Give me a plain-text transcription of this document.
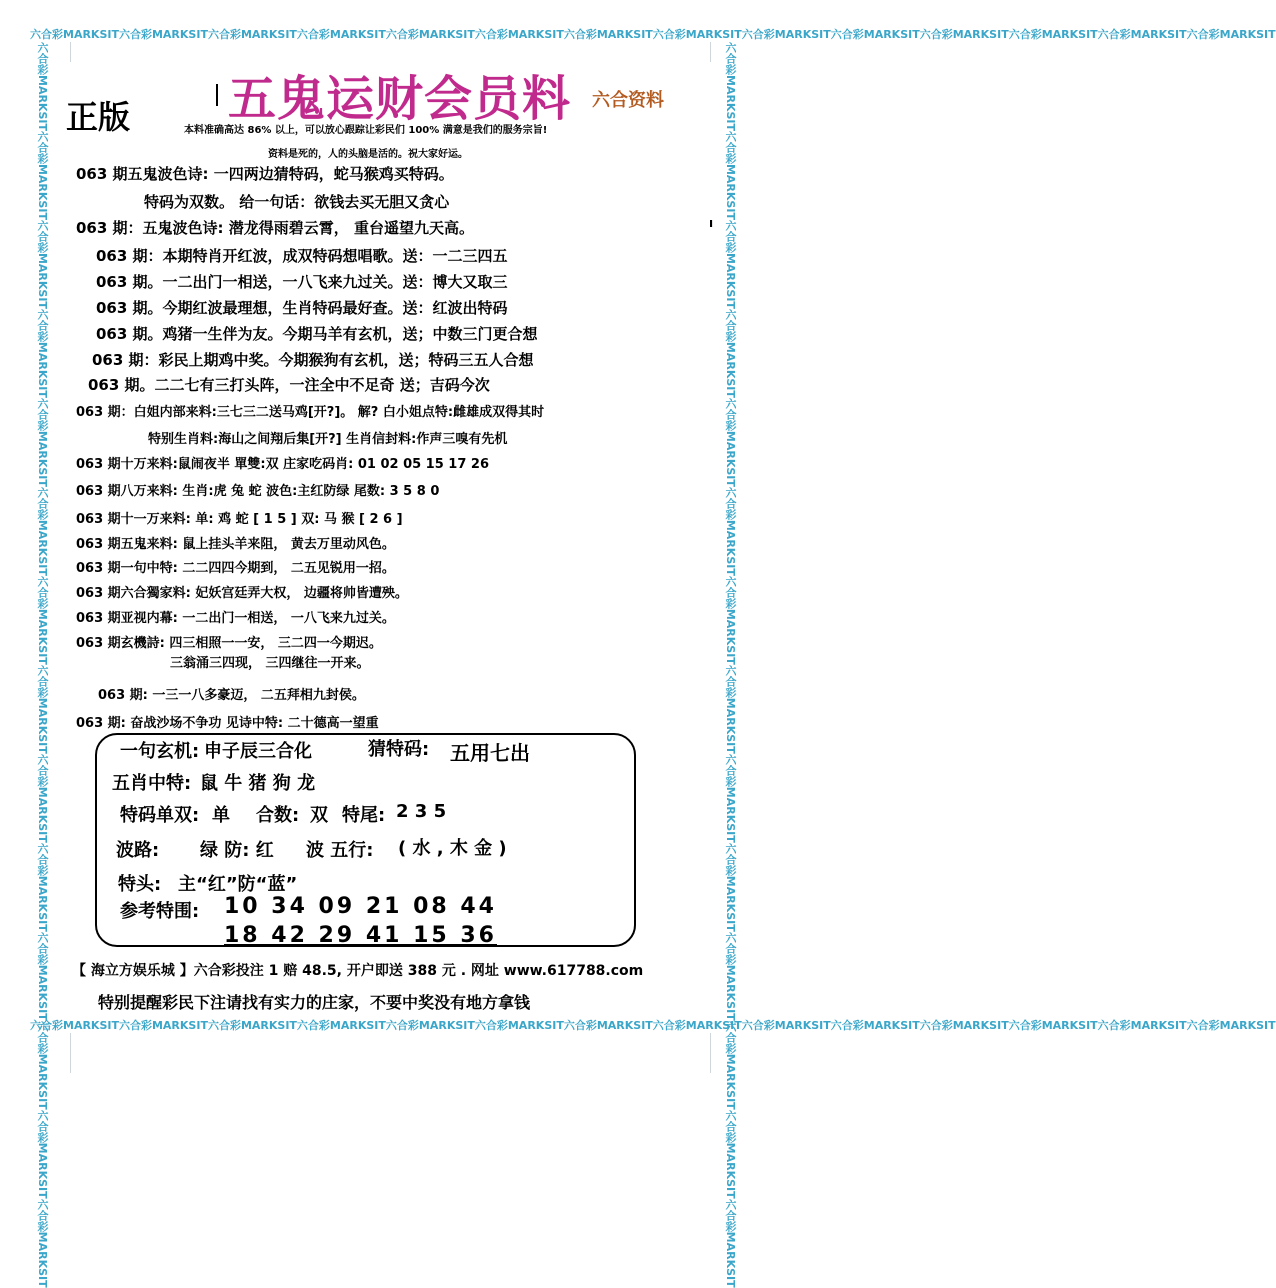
六合彩MARKSIT六合彩MARKSIT六合彩MARKSIT六合彩MARKSIT六合彩MARKSIT六合彩MARKSIT六合彩MARKSIT六合彩MARKSIT六合彩MARKSIT六合彩MARKSIT六合彩MARKSIT六合彩MARKSIT六合彩MARKSIT六合彩MARKSIT
六合彩MARKSIT六合彩MARKSIT六合彩MARKSIT六合彩MARKSIT六合彩MARKSIT六合彩MARKSIT六合彩MARKSIT六合彩MARKSIT六合彩MARKSIT六合彩MARKSIT六合彩MARKSIT六合彩MARKSIT六合彩MARKSIT六合彩MARKSIT
六合彩MARKSIT六合彩MARKSIT六合彩MARKSIT六合彩MARKSIT六合彩MARKSIT六合彩MARKSIT六合彩MARKSIT六合彩MARKSIT六合彩MARKSIT六合彩MARKSIT六合彩MARKSIT六合彩MARKSIT六合彩MARKSIT六合彩MARKSIT	六合彩MARKSIT六合彩MARKSIT六合彩MARKSIT六合彩MARKSIT六合彩MARKSIT六合彩MARKSIT六合彩MARKSIT六合彩MARKSIT六合彩MARKSIT六合彩MARKSIT六合彩MARKSIT六合彩MARKSIT六合彩MARKSIT六合彩MARKSIT
正版 五鬼运财会员料 六合资料
本料准确高达 86% 以上，可以放心跟踪让彩民们 100% 满意是我们的服务宗旨!
资料是死的，人的头脑是活的。祝大家好运。
ı
063 期五鬼波色诗: 一四两边猜特码，蛇马猴鸡买特码。
特码为双数。 给一句话：欲钱去买无胆又贪心
063 期：五鬼波色诗: 潜龙得雨碧云霄， 重台遥望九天高。
063 期：本期特肖开红波，成双特码想唱歌。送：一二三四五
063 期。一二出门一相送，一八飞来九过关。送：博大又取三
063 期。今期红波最理想，生肖特码最好查。送：红波出特码
063 期。鸡猪一生伴为友。今期马羊有玄机，送；中数三门更合想
063 期：彩民上期鸡中奖。今期猴狗有玄机，送；特码三五人合想
063 期。二二七有三打头阵，一注全中不足奇 送；吉码今次
063 期：白姐内部来料:三七三二送马鸡[开?]。 解? 白小姐点特:雌雄成双得其时
特别生肖料:海山之间翔后集[开?] 生肖信封料:作声三嗅有先机
063 期十万来料:鼠闹夜半 單雙:双 庄家吃码肖: 01 02 05 15 17 26
063 期八万来料: 生肖:虎 兔 蛇 波色:主红防绿 尾数: 3 5 8 0
063 期十一万来料: 单: 鸡 蛇 [ 1 5 ] 双: 马 猴 [ 2 6 ]
063 期五鬼来料: 鼠上挂头羊来阻， 黄去万里动风色。
063 期一句中特: 二二四四今期到， 二五见锐用一招。
063 期六合獨家料: 妃妖宫廷弄大权， 边疆将帅皆遭殃。
063 期亚视内幕: 一二出门一相送， 一八飞来九过关。
063 期玄機詩: 四三相照一一安， 三二四一今期迟。
三翁涌三四现， 三四继往一开来。
063 期: 一三一八多豪迈， 二五拜相九封侯。
063 期: 奋战沙场不争功 见诗中特: 二十德高一望重
一句玄机: 申子辰三合化	猜特码: 五用七出
五肖中特: 鼠 牛 猪 狗 龙
特码单双: 单 合数: 双 特尾: 2 3 5
波路: 绿 防: 红 波 五行: ( 水 , 木 金 )
特头: 主“红”防“蓝”
参考特围: 10 34 09 21 08 44
18 42 29 41 15 36
【 海立方娱乐城 】六合彩投注 1 赔 48.5, 开户即送 388 元 . 网址 www.617788.com
特别提醒彩民下注请找有实力的庄家，不要中奖没有地方拿钱
